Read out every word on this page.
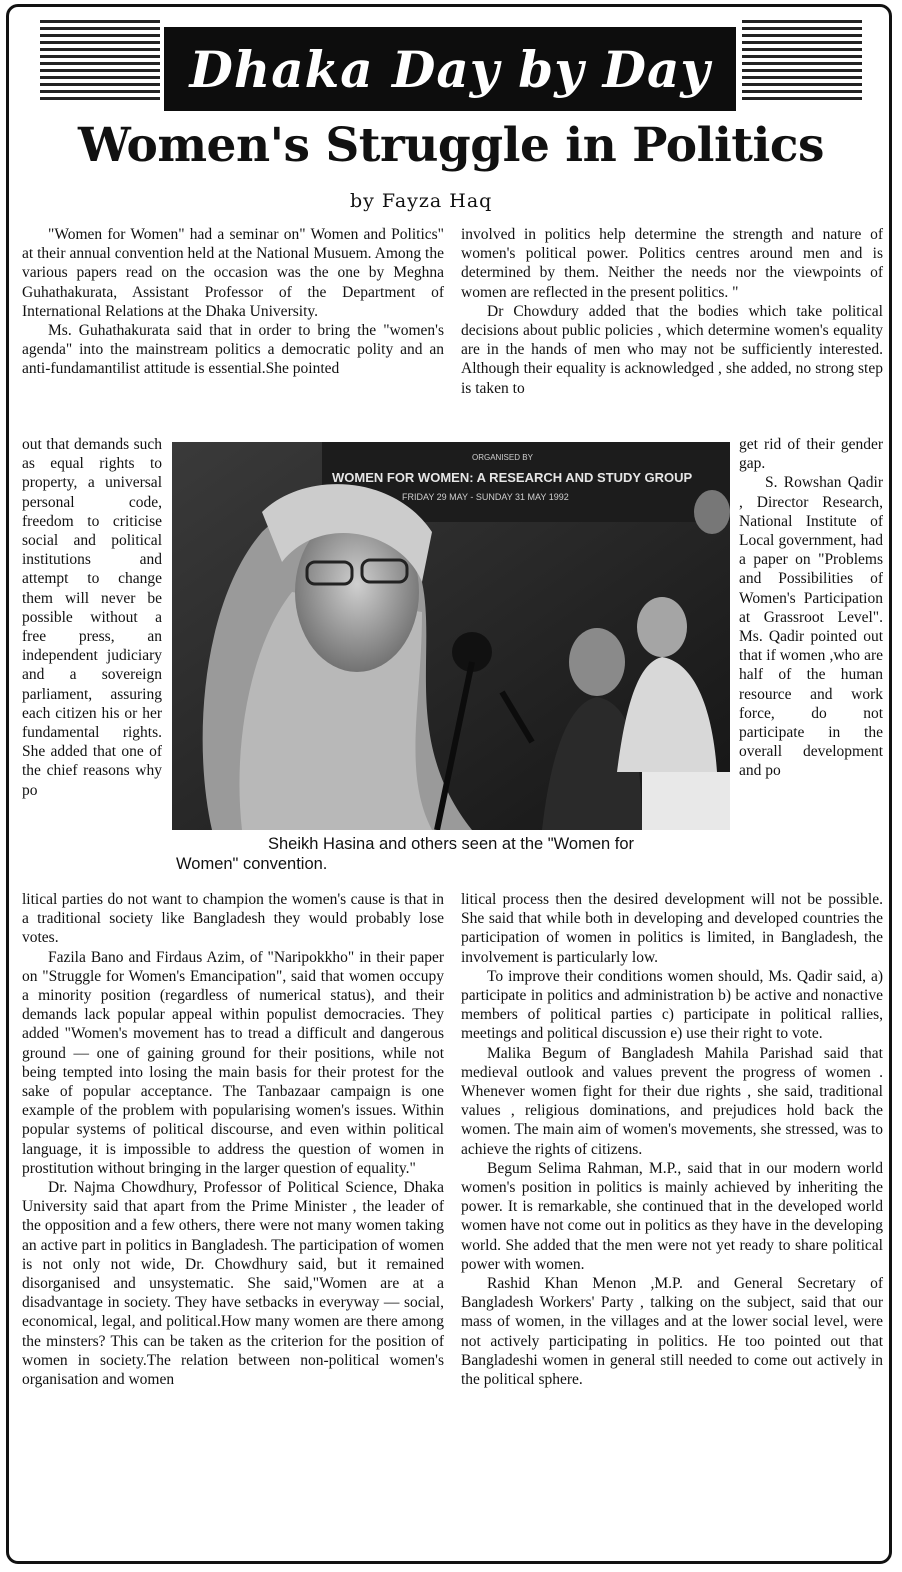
Dhaka Day by Day
Women's Struggle in Politics
by Fayza Haq

"Women for Women" had a seminar on" Women and Politics" at their annual convention held at the National Musuem. Among the various papers read on the occasion was the one by Meghna Guhathakurata, Assistant Professor of the Department of International Relations at the Dhaka University.

Ms. Guhathakurata said that in order to bring the "women's agenda" into the mainstream politics a democratic polity and an anti-fundamantilist attitude is essential.She pointed

out that demands such as equal rights to property, a universal personal code, freedom to criticise social and political institutions and attempt to change them will never be possible without a free press, an independent judiciary and a sovereign parliament, assuring each citizen his or her fundamental rights. She added that one of the chief reasons why po

litical parties do not want to champion the women's cause is that in a traditional society like Bangladesh they would probably lose votes.

Fazila Bano and Firdaus Azim, of "Naripokkho" in their paper on "Struggle for Women's Emancipation", said that women occupy a minority position (regardless of numerical status), and their demands lack popular appeal within populist democracies. They added "Women's movement has to tread a difficult and dangerous ground — one of gaining ground for their positions, while not being tempted into losing the main basis for their protest for the sake of popular acceptance. The Tanbazaar campaign is one example of the problem with popularising women's issues. Within popular systems of political discourse, and even within political language, it is impossible to address the question of women in prostitution without bringing in the larger question of equality."

Dr. Najma Chowdhury, Professor of Political Science, Dhaka University said that apart from the Prime Minister , the leader of the opposition and a few others, there were not many women taking an active part in politics in Bangladesh. The participation of women is not only not wide, Dr. Chowdhury said, but it remained disorganised and unsystematic. She said,"Women are at a disadvantage in society. They have setbacks in everyway — social, economical, legal, and political.How many women are there among the minsters? This can be taken as the criterion for the position of women in society.The relation between non-political women's organisation and women

involved in politics help determine the strength and nature of women's political power. Politics centres around men and is determined by them. Neither the needs nor the viewpoints of women are reflected in the present politics. "

Dr Chowdury added that the bodies which take political decisions about public policies , which determine women's equality are in the hands of men who may not be sufficiently interested. Although their equality is acknowledged , she added, no strong step is taken to

get rid of their gender gap.

S. Rowshan Qadir , Director Research, National Institute of Local government, had a paper on "Problems and Possibilities of Women's Participation at Grassroot Level". Ms. Qadir pointed out that if women ,who are half of the human resource and work force, do not participate in the overall development and po

litical process then the desired development will not be possible. She said that while both in developing and developed countries the participation of women in politics is limited, in Bangladesh, the involvement is particularly low.

To improve their conditions women should, Ms. Qadir said, a) participate in politics and administration b) be active and nonactive members of political parties c) participate in political rallies, meetings and political discussion e) use their right to vote.

Malika Begum of Bangladesh Mahila Parishad said that medieval outlook and values prevent the progress of women . Whenever women fight for their due rights , she said, traditional values , religious dominations, and prejudices hold back the women. The main aim of women's movements, she stressed, was to achieve the rights of citizens.

Begum Selima Rahman, M.P., said that in our modern world women's position in politics is mainly achieved by inheriting the power. It is remarkable, she continued that in the developed world women have not come out in politics as they have in the developing world. She added that the men were not yet ready to share political power with women.

Rashid Khan Menon ,M.P. and General Secretary of Bangladesh Workers' Party , talking on the subject, said that our mass of women, in the villages and at the lower social level, were not actively participating in politics. He too pointed out that Bangladeshi women in general still needed to come out actively in the political sphere.

ORGANISED BY
WOMEN FOR WOMEN: A RESEARCH AND STUDY GROUP
FRIDAY 29 MAY - SUNDAY 31 MAY 1992
Sheikh Hasina and others seen at the "Women for
Women" convention.
